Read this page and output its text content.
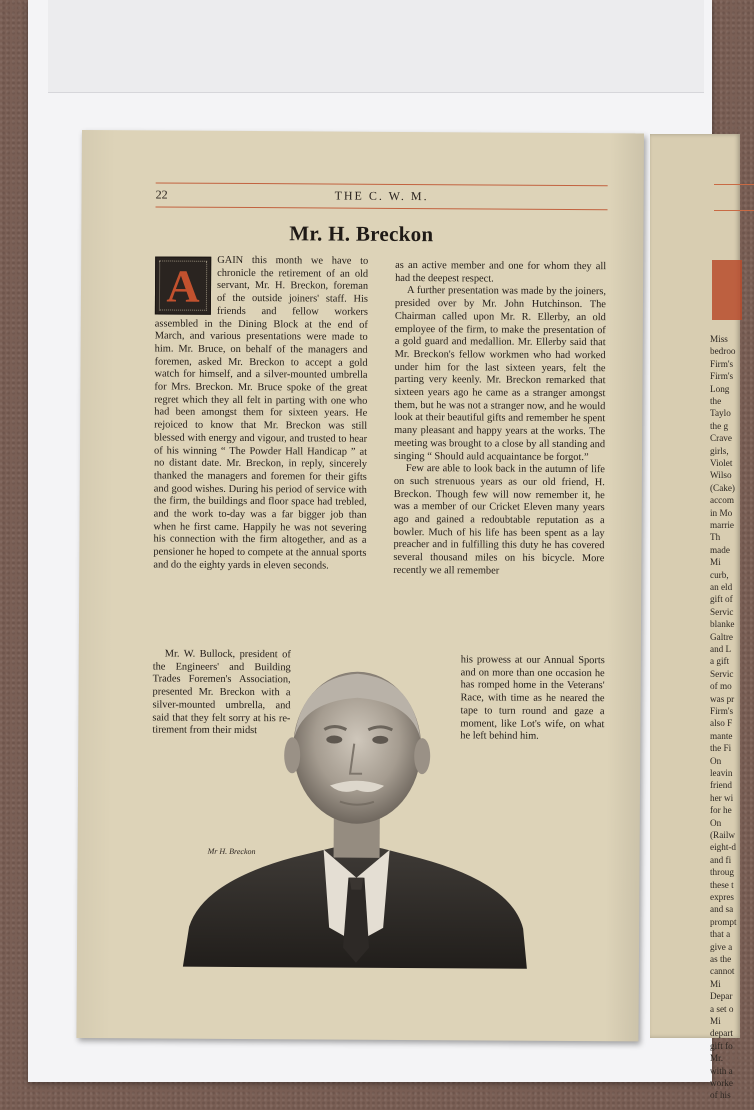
Miss
bedroo
Firm's
Firm's
Long
the
Taylo
the g
Crave
girls,
Violet
Wilso
(Cake)
accom
in Mo
marrie
Th
made
Mi
curb,
an eld
gift of
Servic
blanke
Galtre
and L
a gift
Servic
of mo
was pr
Firm's
also F
mante
the Fi
On
leavin
friend
her wi
for he
On
(Railw
eight-d
and fi
throug
these t
expres
and sa
prompt
that a
give a
as the
cannot
Mi
Depar
a set o
Mi
depart
gift fo
Mr.
with a
worke
of his
22	THE C. W. M.
Mr. H. Breckon
A	GAIN this month we have to chronicle the retirement of an old servant, Mr. H. Breckon, foreman of the outside joiners' staff. His friends and fellow workers assembled in the Dining Block at the end of March, and various presentations were made to him. Mr. Bruce, on behalf of the managers and foremen, asked Mr. Breckon to accept a gold watch for himself, and a silver-mounted umbrella for Mrs. Breckon. Mr. Bruce spoke of the great regret which they all felt in parting with one who had been amongst them for sixteen years. He rejoiced to know that Mr. Breckon was still blessed with energy and vigour, and trusted to hear of his winning “ The Powder Hall Handicap ” at no distant date. Mr. Breckon, in reply, sincerely thanked the managers and foremen for their gifts and good wishes. During his period of service with the firm, the buildings and floor space had trebled, and the work to-day was a far bigger job than when he first came. Happily he was not severing his connection with the firm altogether, and as a pensioner he hoped to compete at the annual sports and do the eighty yards in eleven seconds.

Mr. W. Bullock, president of the Engineers' and Building Trades Foremen's Association, presented Mr. Breckon with a silver-mounted umbrella, and said that they felt sorry at his re-tirement from their midst

as an active member and one for whom they all had the deepest respect.

A further presentation was made by the joiners, presided over by Mr. John Hutchinson. The Chairman called upon Mr. R. Ellerby, an old employee of the firm, to make the presentation of a gold guard and medallion. Mr. Ellerby said that Mr. Breckon's fellow workmen who had worked under him for the last sixteen years, felt the parting very keenly. Mr. Breckon remarked that sixteen years ago he came as a stranger amongst them, but he was not a stranger now, and he would look at their beautiful gifts and remember he spent many pleasant and happy years at the works. The meeting was brought to a close by all standing and singing “ Should auld acquaintance be forgot.”

Few are able to look back in the autumn of life on such strenuous years as our old friend, H. Breckon. Though few will now remember it, he was a member of our Cricket Eleven many years ago and gained a redoubtable reputation as a bowler. Much of his life has been spent as a lay preacher and in fulfilling this duty he has covered several thousand miles on his bicycle. More recently we all remember

his prowess at our Annual Sports and on more than one occasion he has romped home in the Veterans' Race, with time as he neared the tape to turn round and gaze a moment, like Lot's wife, on what he left behind him.
Mr H. Breckon
